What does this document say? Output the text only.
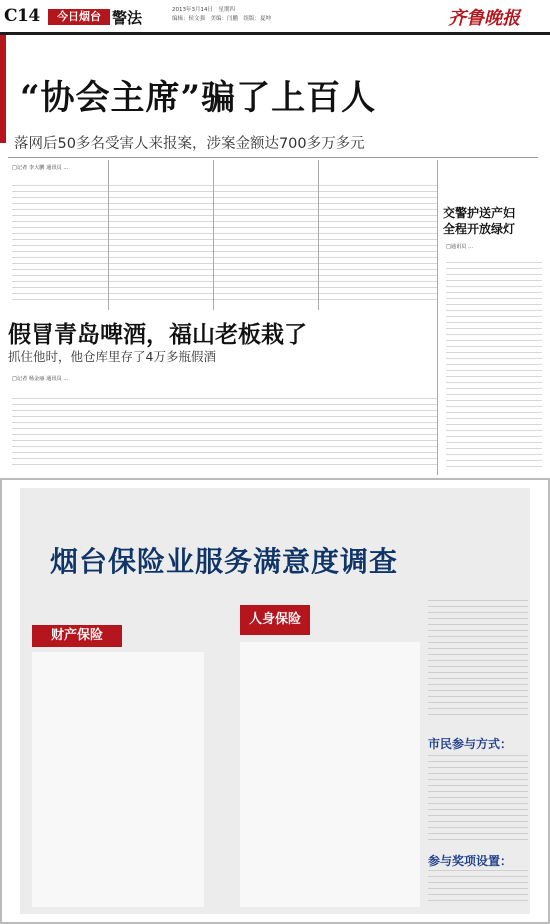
C14	今日烟台 警法	2013年3月14日　星期四
编辑：侯文强　美编：闫鹏　组版：夏坤	齐鲁晚报
“协会主席”骗了上百人
落网后50多名受害人来报案，涉案金额达700多万多元
□记者 李大鹏 通讯员 ...
假冒青岛啤酒，福山老板栽了
抓住他时，他仓库里存了4万多瓶假酒
□记者 杨金丽 通讯员 ...
交警护送产妇
全程开放绿灯
□通讯员 ...
烟台保险业服务满意度调查
财产保险
人身保险
市民参与方式：
参与奖项设置：
